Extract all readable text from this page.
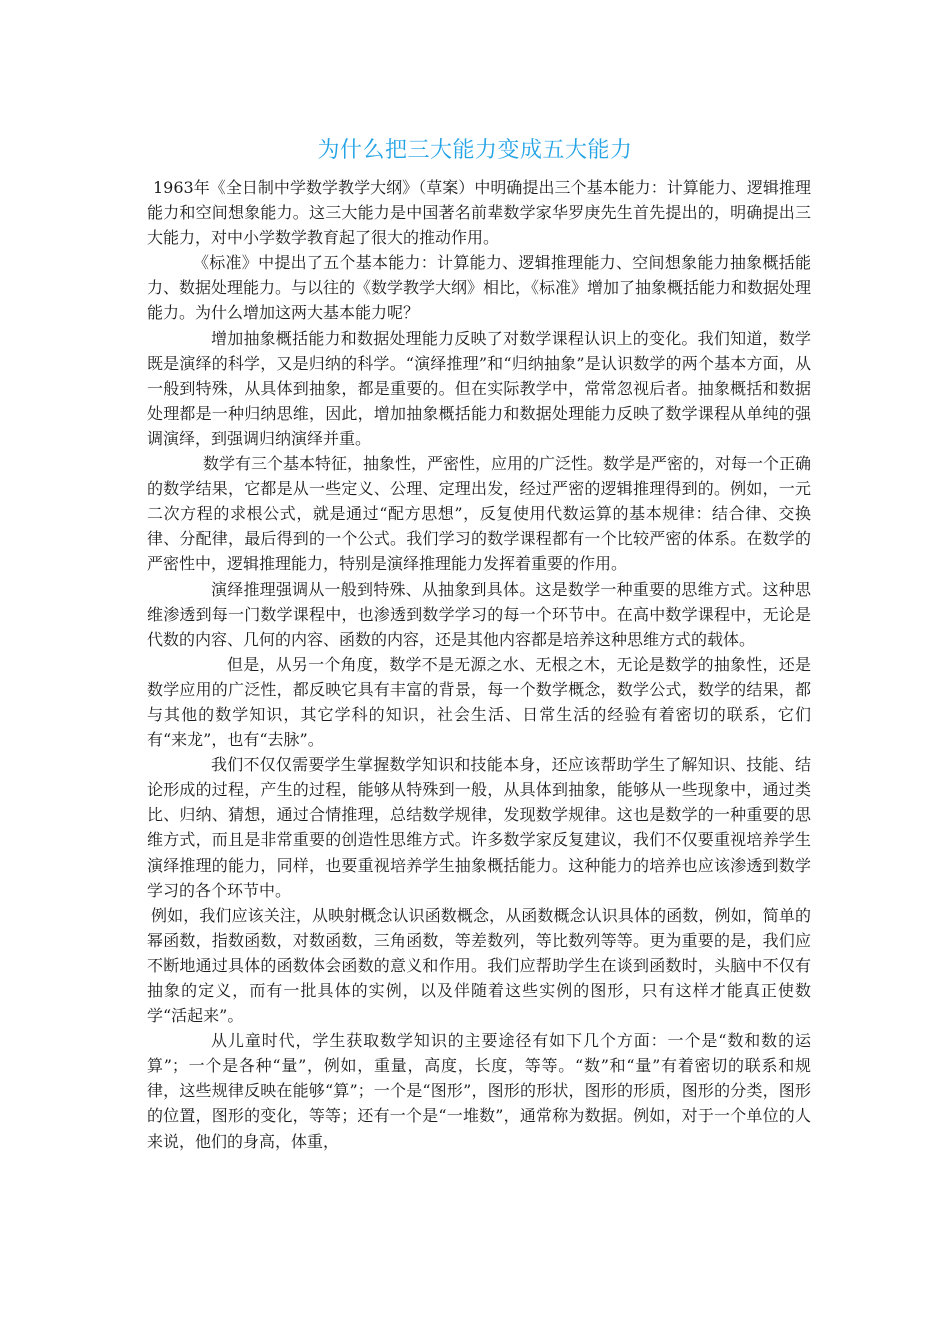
为什么把三大能力变成五大能力

1963年《全日制中学数学教学大纲》（草案）中明确提出三个基本能力：计算能力、逻辑推理能力和空间想象能力。这三大能力是中国著名前辈数学家华罗庚先生首先提出的，明确提出三大能力，对中小学数学教育起了很大的推动作用。

《标准》中提出了五个基本能力：计算能力、逻辑推理能力、空间想象能力抽象概括能力、数据处理能力。与以往的《数学教学大纲》相比，《标准》增加了抽象概括能力和数据处理能力。为什么增加这两大基本能力呢？

增加抽象概括能力和数据处理能力反映了对数学课程认识上的变化。我们知道，数学既是演绎的科学，又是归纳的科学。“演绎推理”和“归纳抽象”是认识数学的两个基本方面，从一般到特殊，从具体到抽象，都是重要的。但在实际教学中，常常忽视后者。抽象概括和数据处理都是一种归纳思维，因此，增加抽象概括能力和数据处理能力反映了数学课程从单纯的强调演绎，到强调归纳演绎并重。

数学有三个基本特征，抽象性，严密性，应用的广泛性。数学是严密的，对每一个正确的数学结果，它都是从一些定义、公理、定理出发，经过严密的逻辑推理得到的。例如，一元二次方程的求根公式，就是通过“配方思想”，反复使用代数运算的基本规律：结合律、交换律、分配律，最后得到的一个公式。我们学习的数学课程都有一个比较严密的体系。在数学的严密性中，逻辑推理能力，特别是演绎推理能力发挥着重要的作用。

演绎推理强调从一般到特殊、从抽象到具体。这是数学一种重要的思维方式。这种思维渗透到每一门数学课程中，也渗透到数学学习的每一个环节中。在高中数学课程中，无论是代数的内容、几何的内容、函数的内容，还是其他内容都是培养这种思维方式的载体。

但是，从另一个角度，数学不是无源之水、无根之木，无论是数学的抽象性，还是数学应用的广泛性，都反映它具有丰富的背景，每一个数学概念，数学公式，数学的结果，都与其他的数学知识，其它学科的知识，社会生活、日常生活的经验有着密切的联系，它们有“来龙”，也有“去脉”。

我们不仅仅需要学生掌握数学知识和技能本身，还应该帮助学生了解知识、技能、结论形成的过程，产生的过程，能够从特殊到一般，从具体到抽象，能够从一些现象中，通过类比、归纳、猜想，通过合情推理，总结数学规律，发现数学规律。这也是数学的一种重要的思维方式，而且是非常重要的创造性思维方式。许多数学家反复建议，我们不仅要重视培养学生演绎推理的能力，同样，也要重视培养学生抽象概括能力。这种能力的培养也应该渗透到数学学习的各个环节中。

例如，我们应该关注，从映射概念认识函数概念，从函数概念认识具体的函数，例如，简单的幂函数，指数函数，对数函数，三角函数，等差数列，等比数列等等。更为重要的是，我们应不断地通过具体的函数体会函数的意义和作用。我们应帮助学生在谈到函数时，头脑中不仅有抽象的定义，而有一批具体的实例，以及伴随着这些实例的图形，只有这样才能真正使数学“活起来”。

从儿童时代，学生获取数学知识的主要途径有如下几个方面：一个是“数和数的运算”；一个是各种“量”，例如，重量，高度，长度，等等。“数”和“量”有着密切的联系和规律，这些规律反映在能够“算”；一个是“图形”，图形的形状，图形的形质，图形的分类，图形的位置，图形的变化，等等；还有一个是“一堆数”，通常称为数据。例如，对于一个单位的人来说，他们的身高，体重，
